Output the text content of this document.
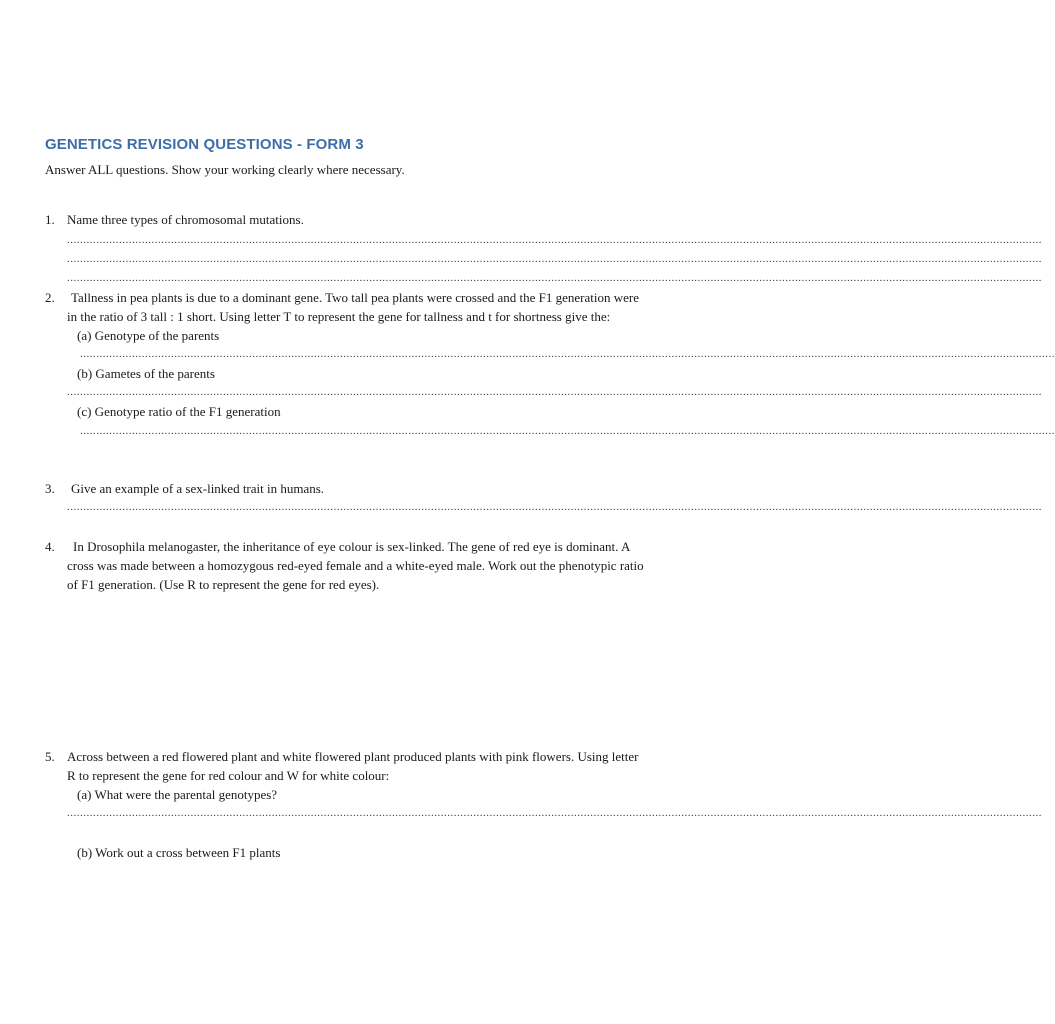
GENETICS REVISION QUESTIONS - FORM 3
Answer ALL questions. Show your working clearly where necessary.
1. Name three types of chromosomal mutations.
............................................................................................................................................................................................................................................................................................................
............................................................................................................................................................................................................................................................................................................
............................................................................................................................................................................................................................................................................................................
2. Tallness in pea plants is due to a dominant gene. Two tall pea plants were crossed and the F1 generation were
in the ratio of 3 tall : 1 short. Using letter T to represent the gene for tallness and t for shortness give the:
(a) Genotype of the parents
............................................................................................................................................................................................................................................................................................................
(b) Gametes of the parents
............................................................................................................................................................................................................................................................................................................
(c) Genotype ratio of the F1 generation
............................................................................................................................................................................................................................................................................................................
3. Give an example of a sex-linked trait in humans.
............................................................................................................................................................................................................................................................................................................
4. In Drosophila melanogaster, the inheritance of eye colour is sex-linked. The gene of red eye is dominant. A
cross was made between a homozygous red-eyed female and a white-eyed male. Work out the phenotypic ratio
of F1 generation. (Use R to represent the gene for red eyes).
5. Across between a red flowered plant and white flowered plant produced plants with pink flowers. Using letter
R to represent the gene for red colour and W for white colour:
(a) What were the parental genotypes?
............................................................................................................................................................................................................................................................................................................
(b) Work out a cross between F1 plants
